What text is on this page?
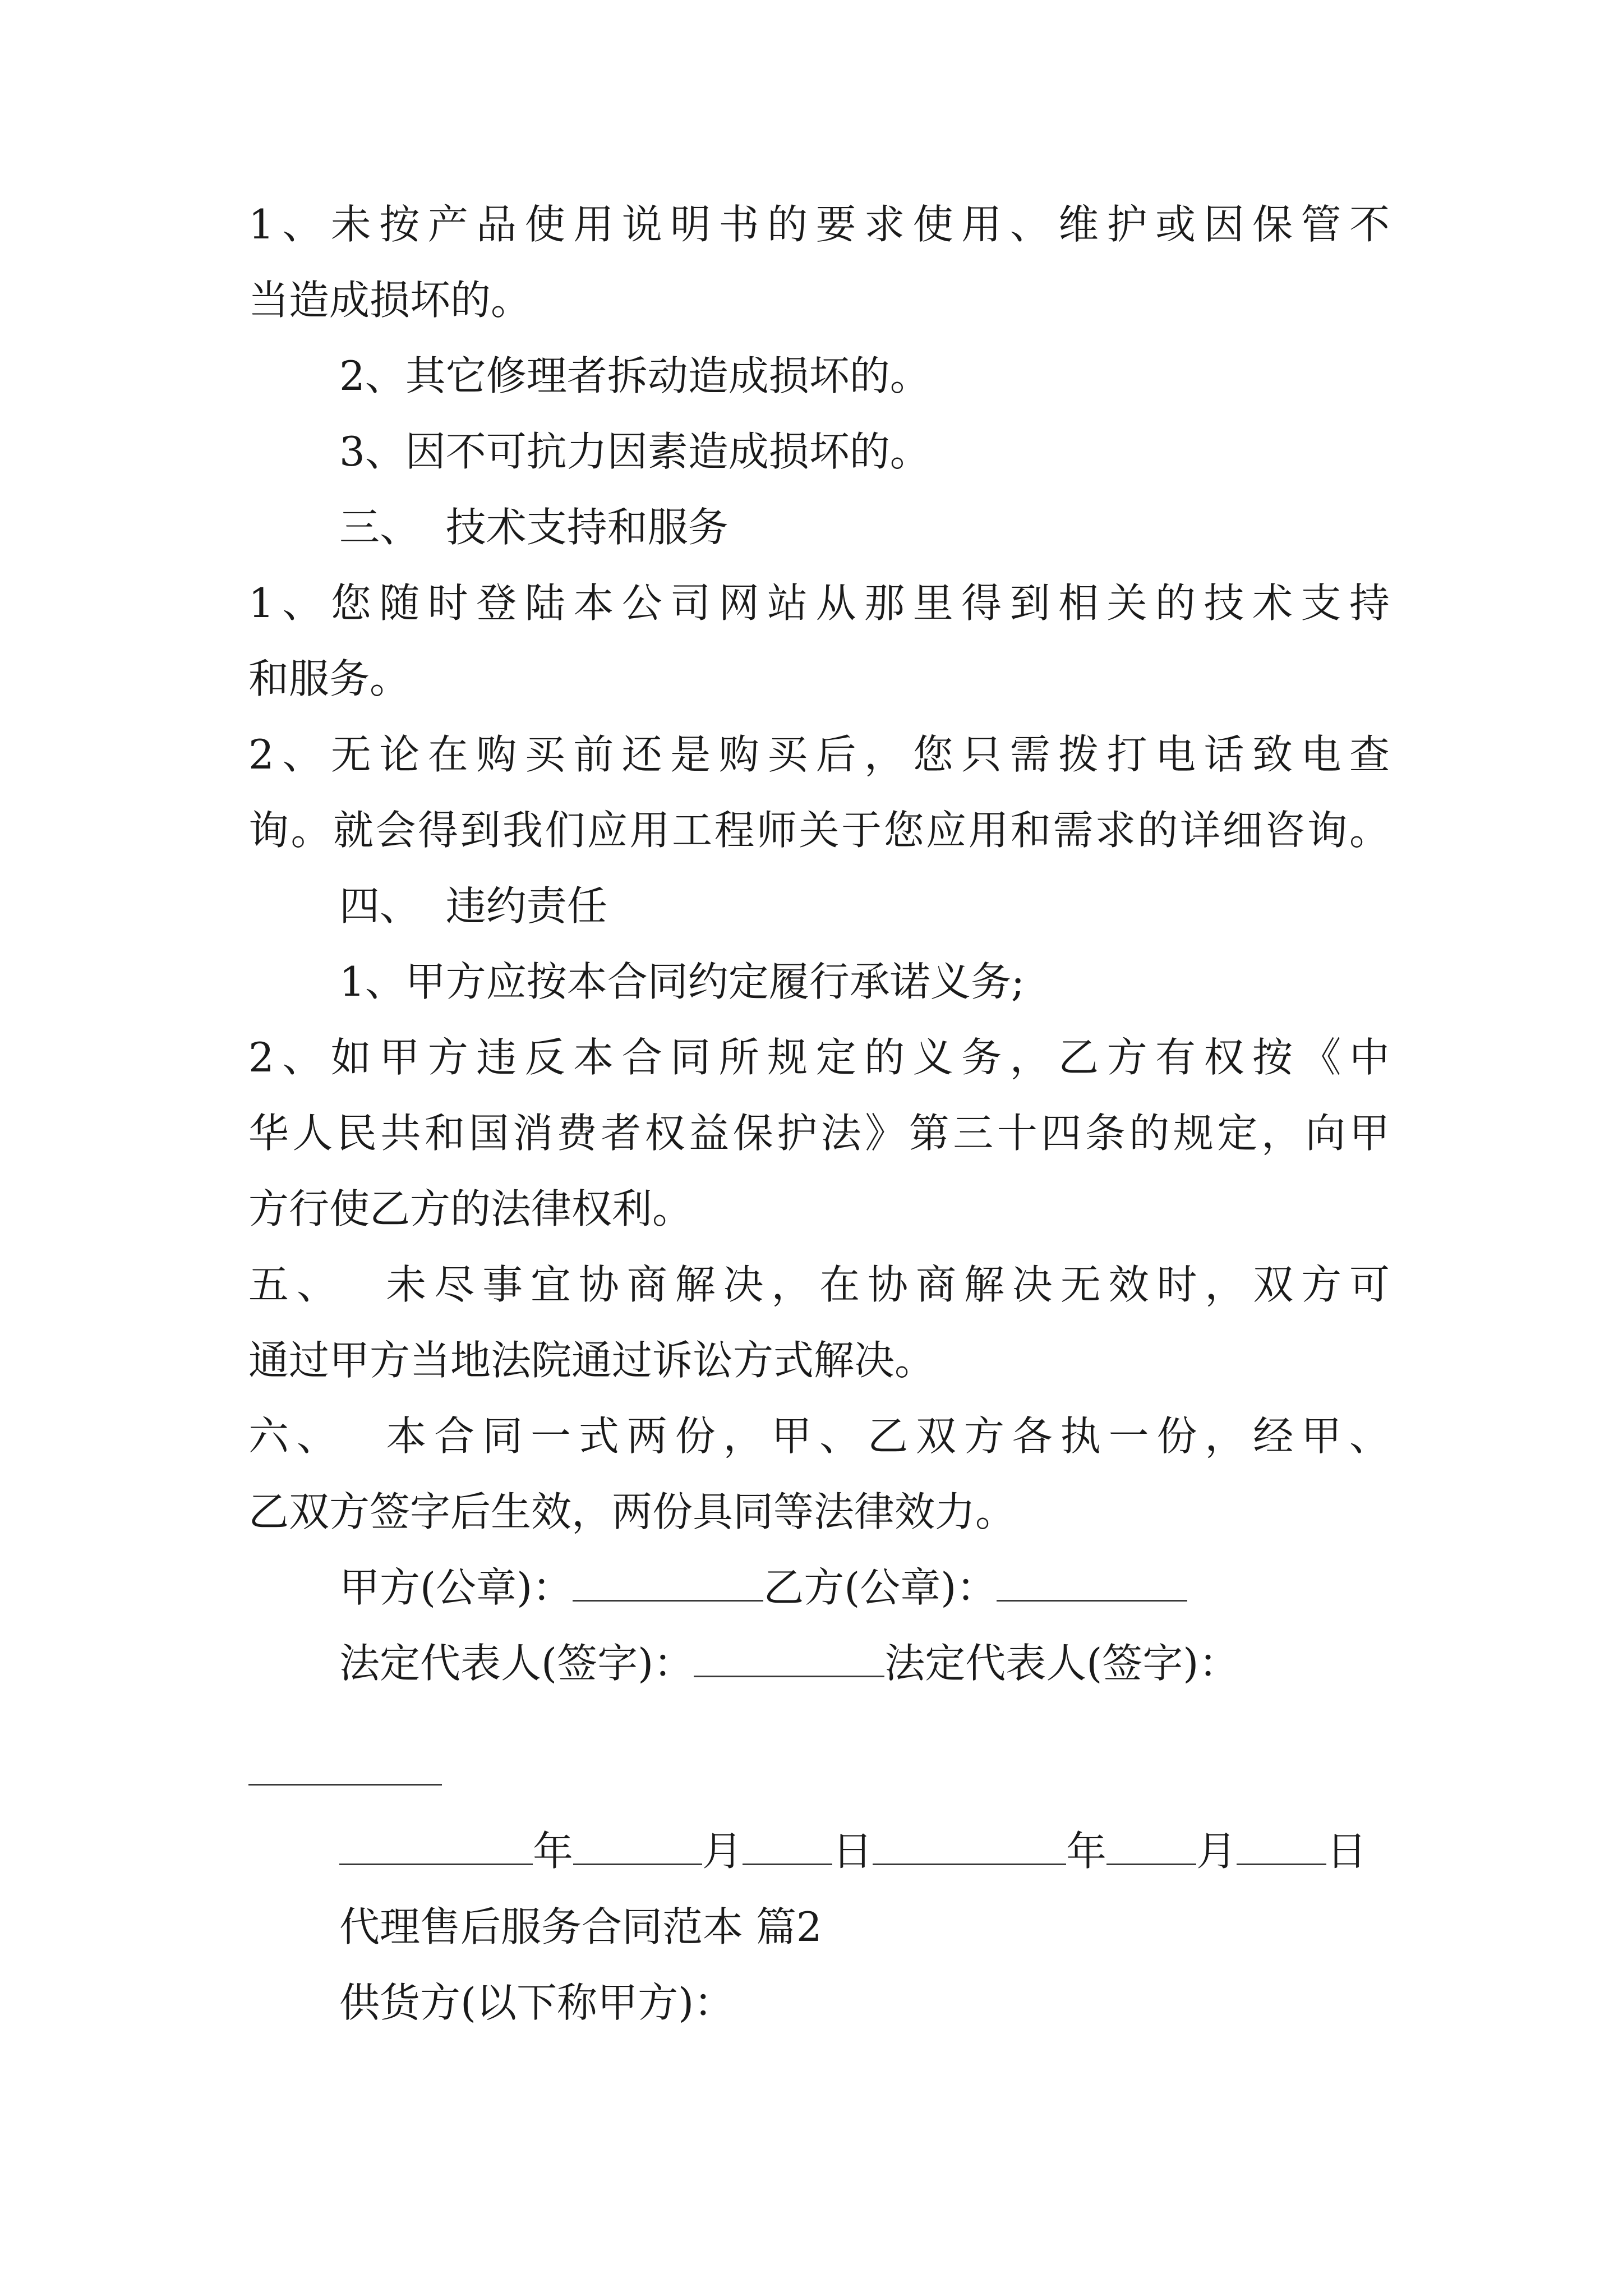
1、未按产品使用说明书的要求使用、维护或因保管不
当造成损坏的。
2、其它修理者拆动造成损坏的。
3、因不可抗力因素造成损坏的。
三、  技术支持和服务
1、您随时登陆本公司网站从那里得到相关的技术支持
和服务。
2、无论在购买前还是购买后，您只需拨打电话致电查
询。就会得到我们应用工程师关于您应用和需求的详细咨询。
四、  违约责任
1、甲方应按本合同约定履行承诺义务;
2、如甲方违反本合同所规定的义务，乙方有权按《中
华人民共和国消费者权益保护法》第三十四条的规定，向甲
方行使乙方的法律权利。
五、  未尽事宜协商解决，在协商解决无效时，双方可
通过甲方当地法院通过诉讼方式解决。
六、  本合同一式两份，甲、乙双方各执一份，经甲、
乙双方签字后生效，两份具同等法律效力。
甲方(公章)：	乙方(公章)：
法定代表人(签字)：	法定代表人(签字)：
年	月 日	年 月 日
代理售后服务合同范本 篇2
供货方(以下称甲方)：
